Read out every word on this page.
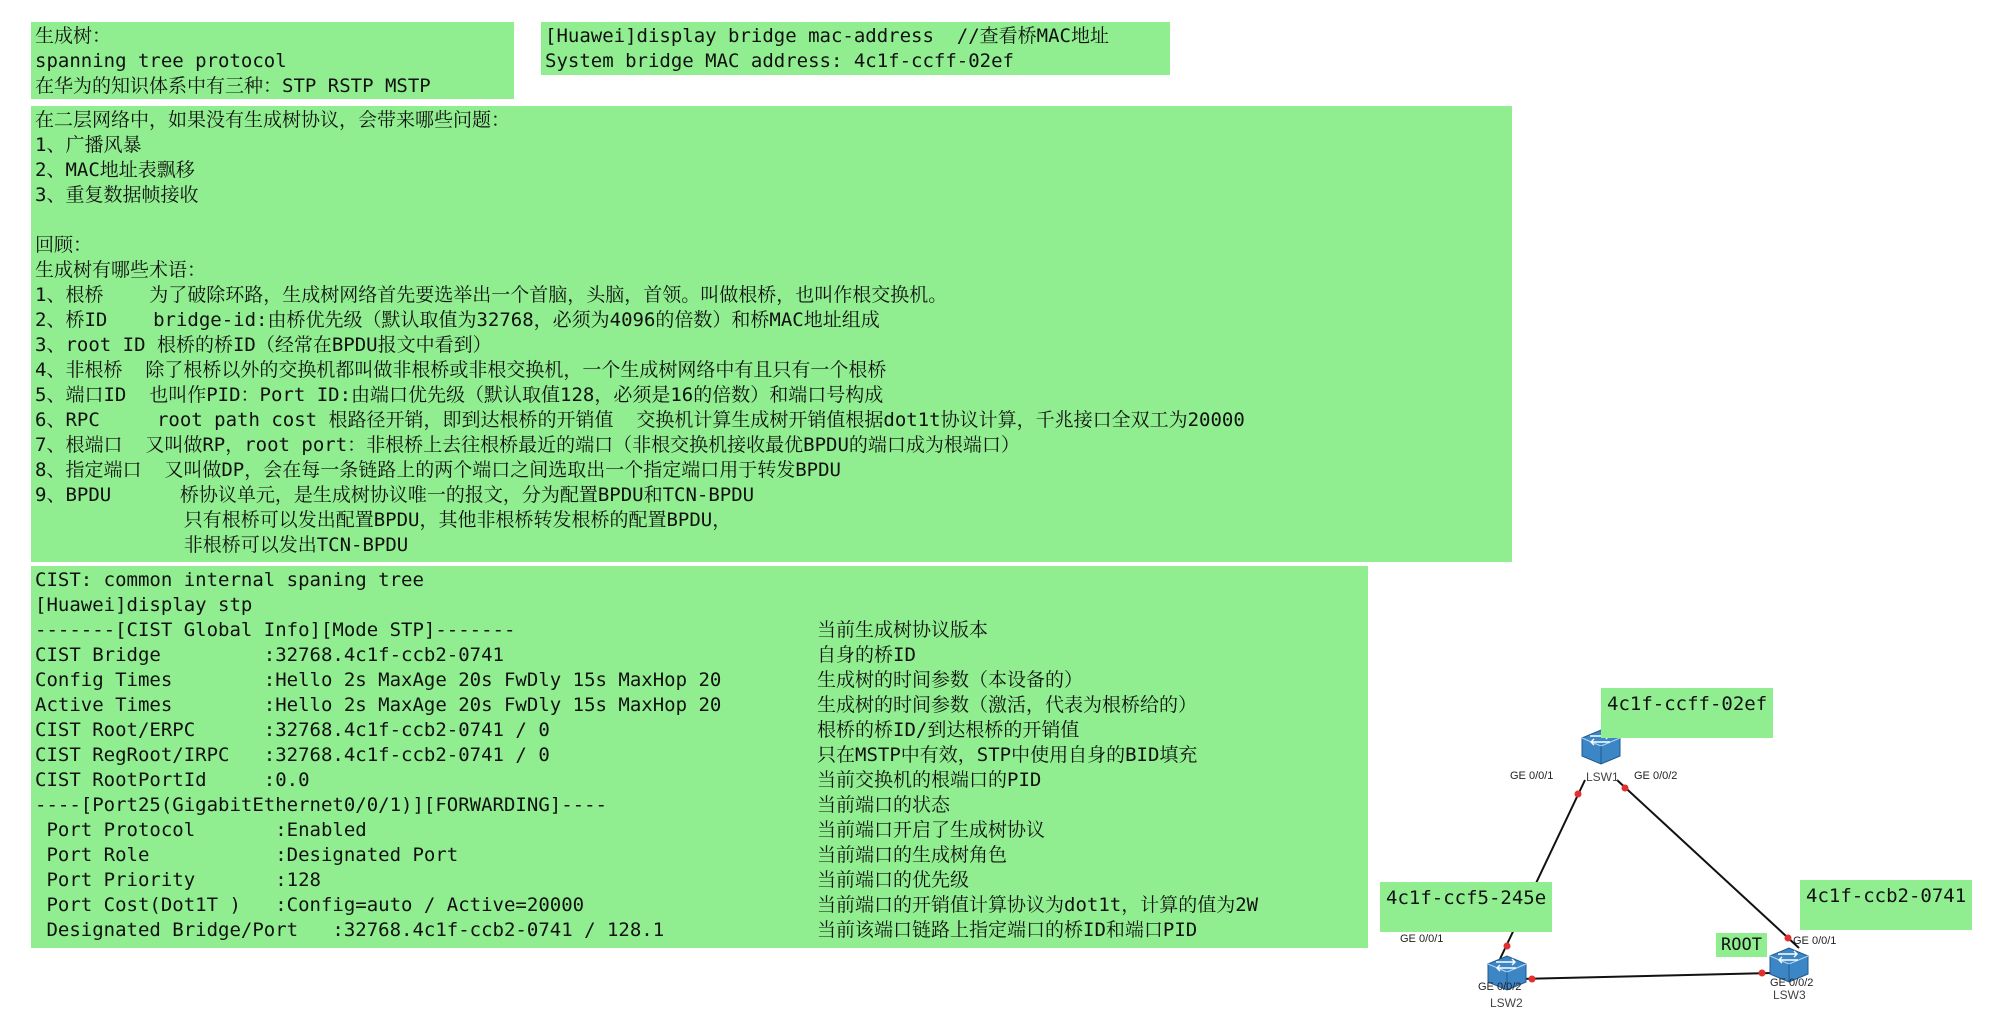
生成树：
spanning tree protocol
在华为的知识体系中有三种：STP RSTP MSTP
[Huawei]display bridge mac-address  //查看桥MAC地址
System bridge MAC address: 4c1f-ccff-02ef
在二层网络中，如果没有生成树协议，会带来哪些问题：
1、广播风暴
2、MAC地址表飘移
3、重复数据帧接收
回顾：
生成树有哪些术语：
1、根桥    为了破除环路，生成树网络首先要选举出一个首脑，头脑，首领。叫做根桥，也叫作根交换机。
2、桥ID    bridge-id:由桥优先级（默认取值为32768，必须为4096的倍数）和桥MAC地址组成
3、root ID 根桥的桥ID（经常在BPDU报文中看到）
4、非根桥  除了根桥以外的交换机都叫做非根桥或非根交换机，一个生成树网络中有且只有一个根桥
5、端口ID  也叫作PID：Port ID:由端口优先级（默认取值128，必须是16的倍数）和端口号构成
6、RPC     root path cost 根路径开销，即到达根桥的开销值  交换机计算生成树开销值根据dot1t协议计算，千兆接口全双工为20000
7、根端口  又叫做RP，root port：非根桥上去往根桥最近的端口（非根交换机接收最优BPDU的端口成为根端口）
8、指定端口  又叫做DP，会在每一条链路上的两个端口之间选取出一个指定端口用于转发BPDU
9、BPDU      桥协议单元，是生成树协议唯一的报文，分为配置BPDU和TCN-BPDU
只有根桥可以发出配置BPDU，其他非根桥转发根桥的配置BPDU，
非根桥可以发出TCN-BPDU
CIST: common internal spaning tree
[Huawei]display stp
-------[CIST Global Info][Mode STP]-------	当前生成树协议版本
CIST Bridge         :32768.4c1f-ccb2-0741	自身的桥ID
Config Times        :Hello 2s MaxAge 20s FwDly 15s MaxHop 20	生成树的时间参数（本设备的）
Active Times        :Hello 2s MaxAge 20s FwDly 15s MaxHop 20	生成树的时间参数（激活，代表为根桥给的）
CIST Root/ERPC      :32768.4c1f-ccb2-0741 / 0	根桥的桥ID/到达根桥的开销值
CIST RegRoot/IRPC   :32768.4c1f-ccb2-0741 / 0	只在MSTP中有效，STP中使用自身的BID填充
CIST RootPortId     :0.0	当前交换机的根端口的PID
----[Port25(GigabitEthernet0/0/1)][FORWARDING]----	当前端口的状态
Port Protocol       :Enabled	当前端口开启了生成树协议
Port Role           :Designated Port	当前端口的生成树角色
Port Priority       :128	当前端口的优先级
Port Cost(Dot1T )   :Config=auto / Active=20000	当前端口的开销值计算协议为dot1t，计算的值为2W
Designated Bridge/Port   :32768.4c1f-ccb2-0741 / 128.1	当前该端口链路上指定端口的桥ID和端口PID
LSW1
LSW2
LSW3
GE 0/0/1	GE 0/0/2
GE 0/0/1
GE 0/0/2
GE 0/0/1
GE 0/0/2
4c1f-ccff-02ef
4c1f-ccf5-245e	4c1f-ccb2-0741
ROOT
